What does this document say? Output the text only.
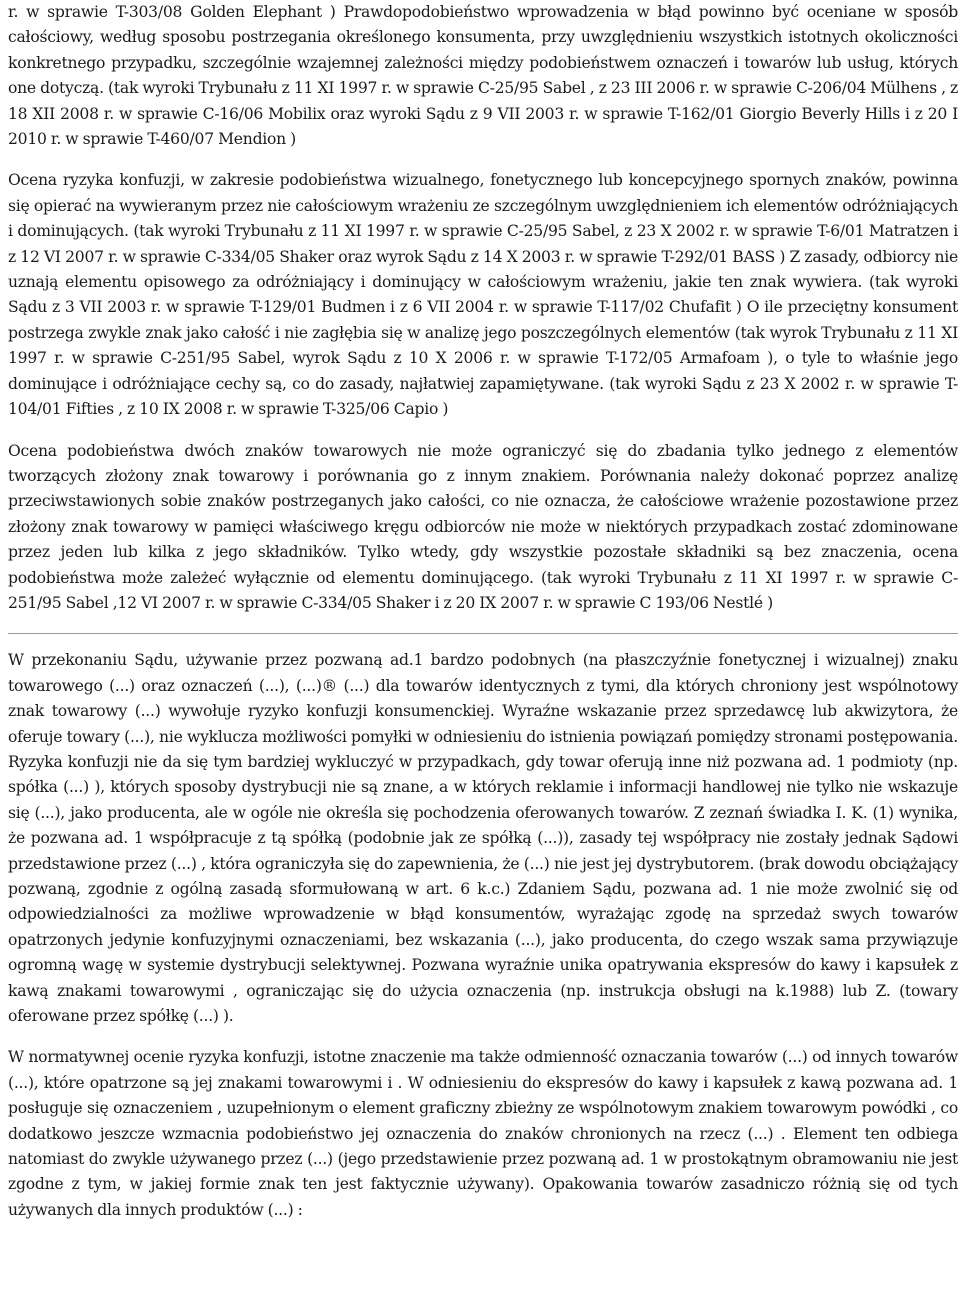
r. w sprawie T-303/08 Golden Elephant ) Prawdopodobieństwo wprowadzenia w błąd powinno być oceniane w sposób całościowy, według sposobu postrzegania określonego konsumenta, przy uwzględnieniu wszystkich istotnych okoliczności konkretnego przypadku, szczególnie wzajemnej zależności między podobieństwem oznaczeń i towarów lub usług, których one dotyczą. (tak wyroki Trybunału z 11 XI 1997 r. w sprawie C-25/95 Sabel , z 23 III 2006 r. w sprawie C-206/04 Mülhens , z 18 XII 2008 r. w sprawie C-16/06 Mobilix oraz wyroki Sądu z 9 VII 2003 r. w sprawie T-162/01 Giorgio Beverly Hills i z 20 I 2010 r. w sprawie T-460/07 Mendion )

Ocena ryzyka konfuzji, w zakresie podobieństwa wizualnego, fonetycznego lub koncepcyjnego spornych znaków, powinna się opierać na wywieranym przez nie całościowym wrażeniu ze szczególnym uwzględnieniem ich elementów odróżniających i dominujących. (tak wyroki Trybunału z 11 XI 1997 r. w sprawie C-25/95 Sabel, z 23 X 2002 r. w sprawie T-6/01 Matratzen i z 12 VI 2007 r. w sprawie C-334/05 Shaker oraz wyrok Sądu z 14 X 2003 r. w sprawie T-292/01 BASS ) Z zasady, odbiorcy nie uznają elementu opisowego za odróżniający i dominujący w całościowym wrażeniu, jakie ten znak wywiera. (tak wyroki Sądu z 3 VII 2003 r. w sprawie T-129/01 Budmen i z 6 VII 2004 r. w sprawie T-117/02 Chufafit ) O ile przeciętny konsument postrzega zwykle znak jako całość i nie zagłębia się w analizę jego poszczególnych elementów (tak wyrok Trybunału z 11 XI 1997 r. w sprawie C-251/95 Sabel, wyrok Sądu z 10 X 2006 r. w sprawie T-172/05 Armafoam ), o tyle to właśnie jego dominujące i odróżniające cechy są, co do zasady, najłatwiej zapamiętywane. (tak wyroki Sądu z 23 X 2002 r. w sprawie T-104/01 Fifties , z 10 IX 2008 r. w sprawie T-325/06 Capio )

Ocena podobieństwa dwóch znaków towarowych nie może ograniczyć się do zbadania tylko jednego z elementów tworzących złożony znak towarowy i porównania go z innym znakiem. Porównania należy dokonać poprzez analizę przeciwstawionych sobie znaków postrzeganych jako całości, co nie oznacza, że całościowe wrażenie pozostawione przez złożony znak towarowy w pamięci właściwego kręgu odbiorców nie może w niektórych przypadkach zostać zdominowane przez jeden lub kilka z jego składników. Tylko wtedy, gdy wszystkie pozostałe składniki są bez znaczenia, ocena podobieństwa może zależeć wyłącznie od elementu dominującego. (tak wyroki Trybunału z 11 XI 1997 r. w sprawie C-251/95 Sabel ,12 VI 2007 r. w sprawie C-334/05 Shaker i z 20 IX 2007 r. w sprawie C 193/06 Nestlé )

W przekonaniu Sądu, używanie przez pozwaną ad.1 bardzo podobnych (na płaszczyźnie fonetycznej i wizualnej) znaku towarowego (...) oraz oznaczeń (...), (...)® (...) dla towarów identycznych z tymi, dla których chroniony jest wspólnotowy znak towarowy (...) wywołuje ryzyko konfuzji konsumenckiej. Wyraźne wskazanie przez sprzedawcę lub akwizytora, że oferuje towary (...), nie wyklucza możliwości pomyłki w odniesieniu do istnienia powiązań pomiędzy stronami postępowania. Ryzyka konfuzji nie da się tym bardziej wykluczyć w przypadkach, gdy towar oferują inne niż pozwana ad. 1 podmioty (np. spółka (...) ), których sposoby dystrybucji nie są znane, a w których reklamie i informacji handlowej nie tylko nie wskazuje się (...), jako producenta, ale w ogóle nie określa się pochodzenia oferowanych towarów. Z zeznań świadka I. K. (1) wynika, że pozwana ad. 1 współpracuje z tą spółką (podobnie jak ze spółką (...)), zasady tej współpracy nie zostały jednak Sądowi przedstawione przez (...) , która ograniczyła się do zapewnienia, że (...) nie jest jej dystrybutorem. (brak dowodu obciążający pozwaną, zgodnie z ogólną zasadą sformułowaną w art. 6 k.c.) Zdaniem Sądu, pozwana ad. 1 nie może zwolnić się od odpowiedzialności za możliwe wprowadzenie w błąd konsumentów, wyrażając zgodę na sprzedaż swych towarów opatrzonych jedynie konfuzyjnymi oznaczeniami, bez wskazania (...), jako producenta, do czego wszak sama przywiązuje ogromną wagę w systemie dystrybucji selektywnej. Pozwana wyraźnie unika opatrywania ekspresów do kawy i kapsułek z kawą znakami towarowymi , ograniczając się do użycia oznaczenia (np. instrukcja obsługi na k.1988) lub Z. (towary oferowane przez spółkę (...) ).

W normatywnej ocenie ryzyka konfuzji, istotne znaczenie ma także odmienność oznaczania towarów (...) od innych towarów (...), które opatrzone są jej znakami towarowymi i . W odniesieniu do ekspresów do kawy i kapsułek z kawą pozwana ad. 1 posługuje się oznaczeniem , uzupełnionym o element graficzny zbieżny ze wspólnotowym znakiem towarowym powódki , co dodatkowo jeszcze wzmacnia podobieństwo jej oznaczenia do znaków chronionych na rzecz (...) . Element ten odbiega natomiast do zwykle używanego przez (...) (jego przedstawienie przez pozwaną ad. 1 w prostokątnym obramowaniu nie jest zgodne z tym, w jakiej formie znak ten jest faktycznie używany). Opakowania towarów zasadniczo różnią się od tych używanych dla innych produktów (...) :
